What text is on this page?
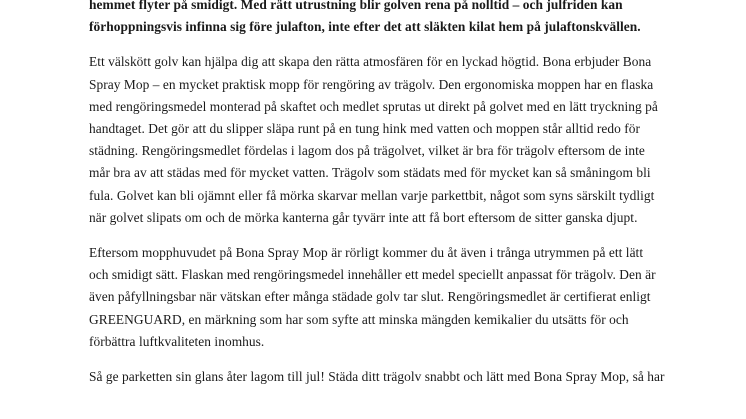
hemmet flyter på smidigt. Med rätt utrustning blir golven rena på nolltid – och julfriden kan
förhoppningsvis infinna sig före julafton, inte efter det att släkten kilat hem på julaftonskvällen.

Ett välskött golv kan hjälpa dig att skapa den rätta atmosfären för en lyckad högtid. Bona erbjuder Bona
Spray Mop – en mycket praktisk mopp för rengöring av trägolv. Den ergonomiska moppen har en flaska
med rengöringsmedel monterad på skaftet och medlet sprutas ut direkt på golvet med en lätt tryckning på
handtaget. Det gör att du slipper släpa runt på en tung hink med vatten och moppen står alltid redo för
städning. Rengöringsmedlet fördelas i lagom dos på trägolvet, vilket är bra för trägolv eftersom de inte
mår bra av att städas med för mycket vatten. Trägolv som städats med för mycket kan så småningom bli
fula. Golvet kan bli ojämnt eller få mörka skarvar mellan varje parkettbit, något som syns särskilt tydligt
när golvet slipats om och de mörka kanterna går tyvärr inte att få bort eftersom de sitter ganska djupt.

Eftersom mopphuvudet på Bona Spray Mop är rörligt kommer du åt även i trånga utrymmen på ett lätt
och smidigt sätt. Flaskan med rengöringsmedel innehåller ett medel speciellt anpassat för trägolv. Den är
även påfyllningsbar när vätskan efter många städade golv tar slut. Rengöringsmedlet är certifierat enligt
GREENGUARD, en märkning som har som syfte att minska mängden kemikalier du utsätts för och
förbättra luftkvaliteten inomhus.

Så ge parketten sin glans åter lagom till jul! Städa ditt trägolv snabbt och lätt med Bona Spray Mop, så har
